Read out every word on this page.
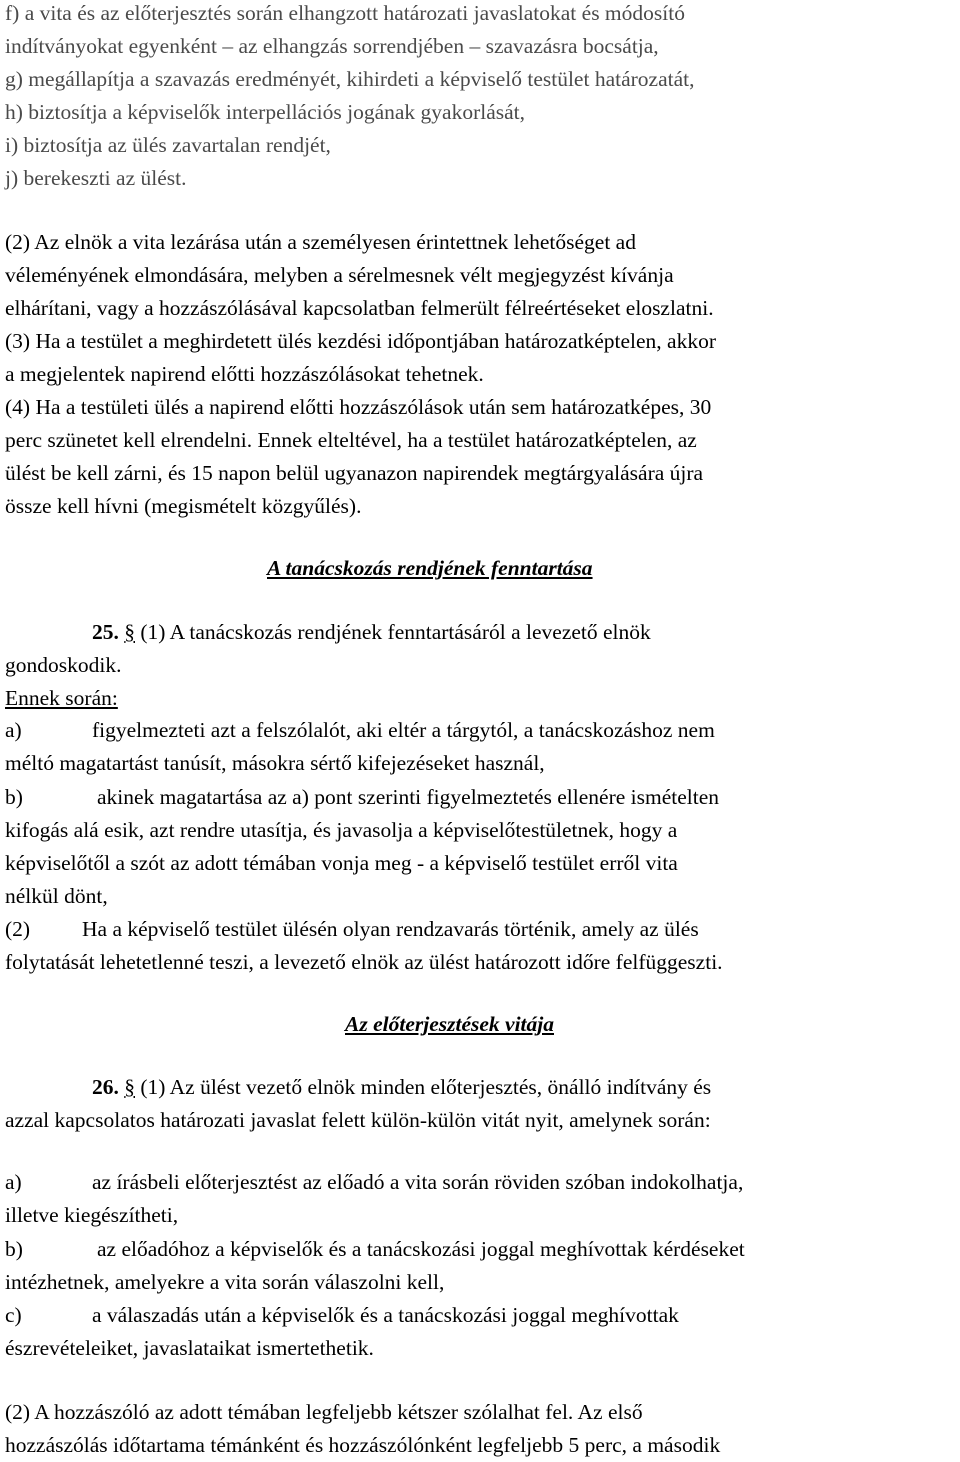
f) a vita és az előterjesztés során elhangzott határozati javaslatokat és módosító
indítványokat egyenként – az elhangzás sorrendjében – szavazásra bocsátja,
g) megállapítja a szavazás eredményét, kihirdeti a képviselő testület határozatát,
h) biztosítja a képviselők interpellációs jogának gyakorlását,
i) biztosítja az ülés zavartalan rendjét,
j) berekeszti az ülést.
(2) Az elnök a vita lezárása után a személyesen érintettnek lehetőséget ad
véleményének elmondására, melyben a sérelmesnek vélt megjegyzést kívánja
elhárítani, vagy a hozzászólásával kapcsolatban felmerült félreértéseket eloszlatni.
(3) Ha a testület a meghirdetett ülés kezdési időpontjában határozatképtelen, akkor
a megjelentek napirend előtti hozzászólásokat tehetnek.
(4) Ha a testületi ülés a napirend előtti hozzászólások után sem határozatképes, 30
perc szünetet kell elrendelni. Ennek elteltével, ha a testület határozatképtelen, az
ülést be kell zárni, és 15 napon belül ugyanazon napirendek megtárgyalására újra
össze kell hívni (megismételt közgyűlés).
A tanácskozás rendjének fenntartása
25. § (1) A tanácskozás rendjének fenntartásáról a levezető elnök
gondoskodik.
Ennek során:
a)	figyelmezteti azt a felszólalót, aki eltér a tárgytól, a tanácskozáshoz nem
méltó magatartást tanúsít, másokra sértő kifejezéseket használ,
b)	akinek magatartása az a) pont szerinti figyelmeztetés ellenére ismételten
kifogás alá esik, azt rendre utasítja, és javasolja a képviselőtestületnek, hogy a
képviselőtől a szót az adott témában vonja meg - a képviselő testület erről vita
nélkül dönt,
(2) Ha a képviselő testület ülésén olyan rendzavarás történik, amely az ülés
folytatását lehetetlenné teszi, a levezető elnök az ülést határozott időre felfüggeszti.
Az előterjesztések vitája
26. § (1) Az ülést vezető elnök minden előterjesztés, önálló indítvány és
azzal kapcsolatos határozati javaslat felett külön-külön vitát nyit, amelynek során:
a)	az írásbeli előterjesztést az előadó a vita során röviden szóban indokolhatja,
illetve kiegészítheti,
b)	az előadóhoz a képviselők és a tanácskozási joggal meghívottak kérdéseket
intézhetnek, amelyekre a vita során válaszolni kell,
c)	a válaszadás után a képviselők és a tanácskozási joggal meghívottak
észrevételeiket, javaslataikat ismertethetik.
(2) A hozzászóló az adott témában legfeljebb kétszer szólalhat fel. Az első
hozzászólás időtartama témánként és hozzászólónként legfeljebb 5 perc, a második
